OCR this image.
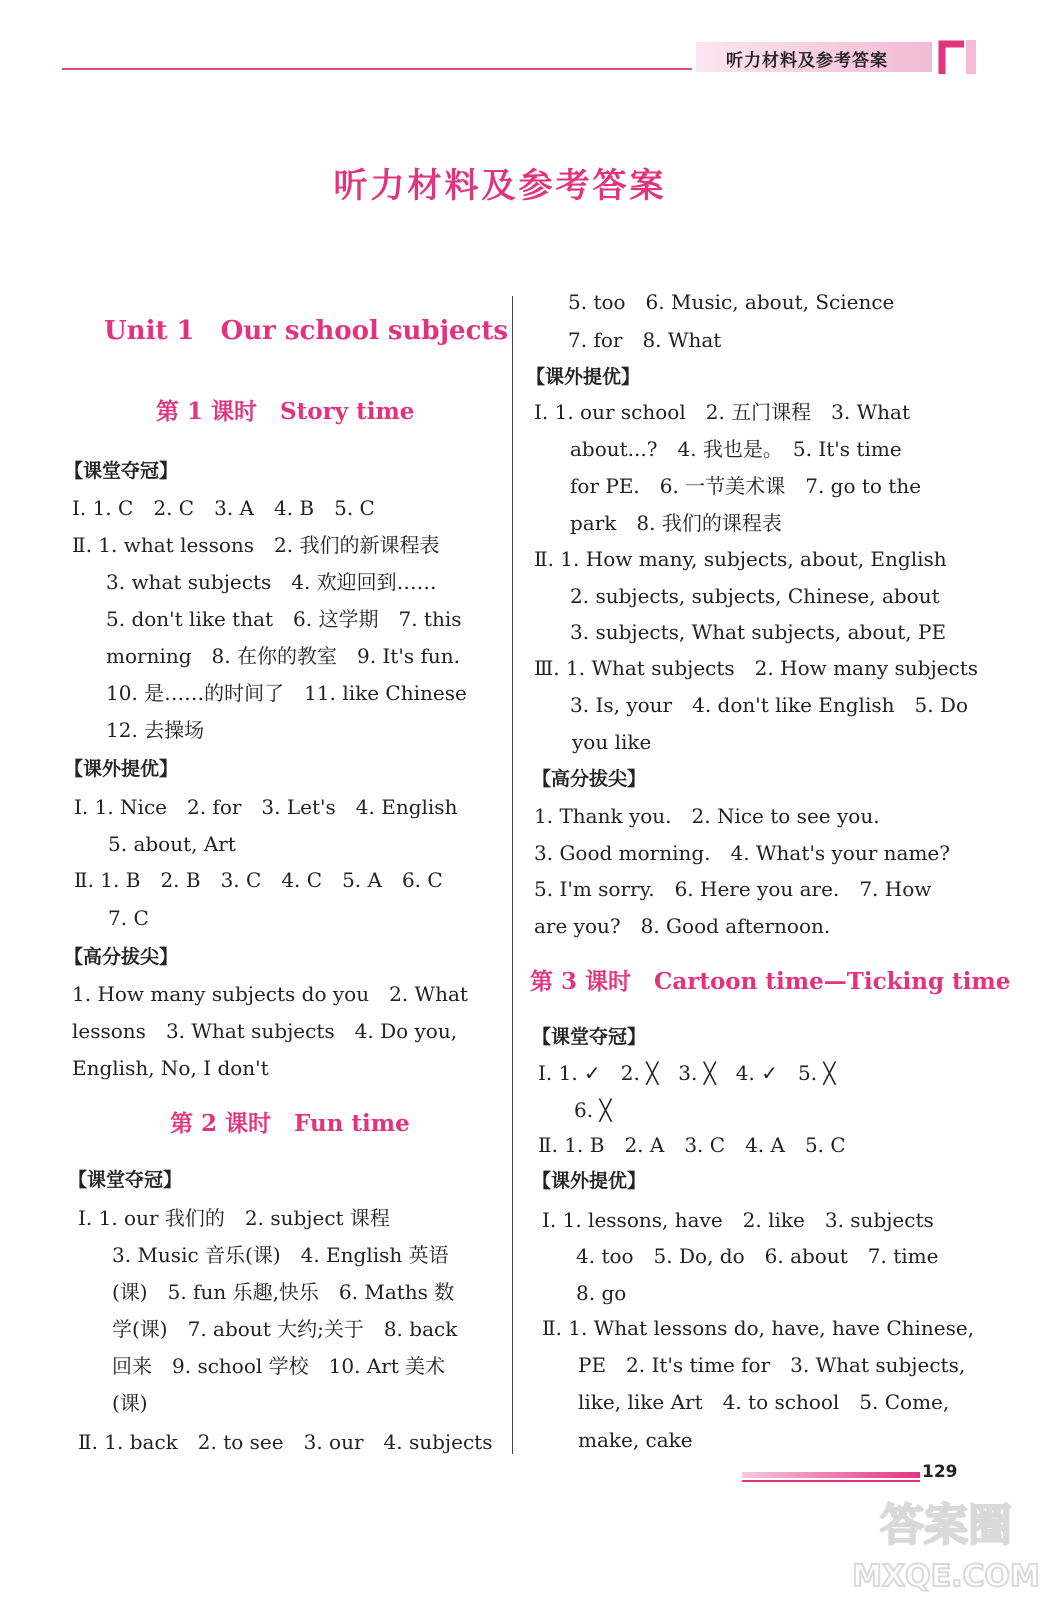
听力材料及参考答案
听力材料及参考答案
Unit 1　Our school subjects
第 1 课时　Story time
【课堂夺冠】
Ⅰ. 1. C　2. C　3. A　4. B　5. C
Ⅱ. 1. what lessons　2. 我们的新课程表
3. what subjects　4. 欢迎回到……
5. don't like that　6. 这学期　7. this
morning　8. 在你的教室　9. It's fun.
10. 是……的时间了　11. like Chinese
12. 去操场
【课外提优】
Ⅰ. 1. Nice　2. for　3. Let's　4. English
5. about, Art
Ⅱ. 1. B　2. B　3. C　4. C　5. A　6. C
7. C
【高分拔尖】
1. How many subjects do you　2. What
lessons　3. What subjects　4. Do you,
English, No, I don't
第 2 课时　Fun time
【课堂夺冠】
Ⅰ. 1. our 我们的　2. subject 课程
3. Music 音乐(课)　4. English 英语
(课)　5. fun 乐趣,快乐　6. Maths 数
学(课)　7. about 大约;关于　8. back
回来　9. school 学校　10. Art 美术
(课)
Ⅱ. 1. back　2. to see　3. our　4. subjects
5. too　6. Music, about, Science
7. for　8. What
【课外提优】
Ⅰ. 1. our school　2. 五门课程　3. What
about...?　4. 我也是。　5. It's time
for PE.　6. 一节美术课　7. go to the
park　8. 我们的课程表
Ⅱ. 1. How many, subjects, about, English
2. subjects, subjects, Chinese, about
3. subjects, What subjects, about, PE
Ⅲ. 1. What subjects　2. How many subjects
3. Is, your　4. don't like English　5. Do
you like
【高分拔尖】
1. Thank you.　2. Nice to see you.
3. Good morning.　4. What's your name?
5. I'm sorry.　6. Here you are.　7. How
are you?　8. Good afternoon.
第 3 课时　Cartoon time—Ticking time
【课堂夺冠】
Ⅰ. 1. ✓　2. ╳　3. ╳　4. ✓　5. ╳
6. ╳
Ⅱ. 1. B　2. A　3. C　4. A　5. C
【课外提优】
Ⅰ. 1. lessons, have　2. like　3. subjects
4. too　5. Do, do　6. about　7. time
8. go
Ⅱ. 1. What lessons do, have, have Chinese,
PE　2. It's time for　3. What subjects,
like, like Art　4. to school　5. Come,
make, cake
129
答案圈
MXQE.COM
